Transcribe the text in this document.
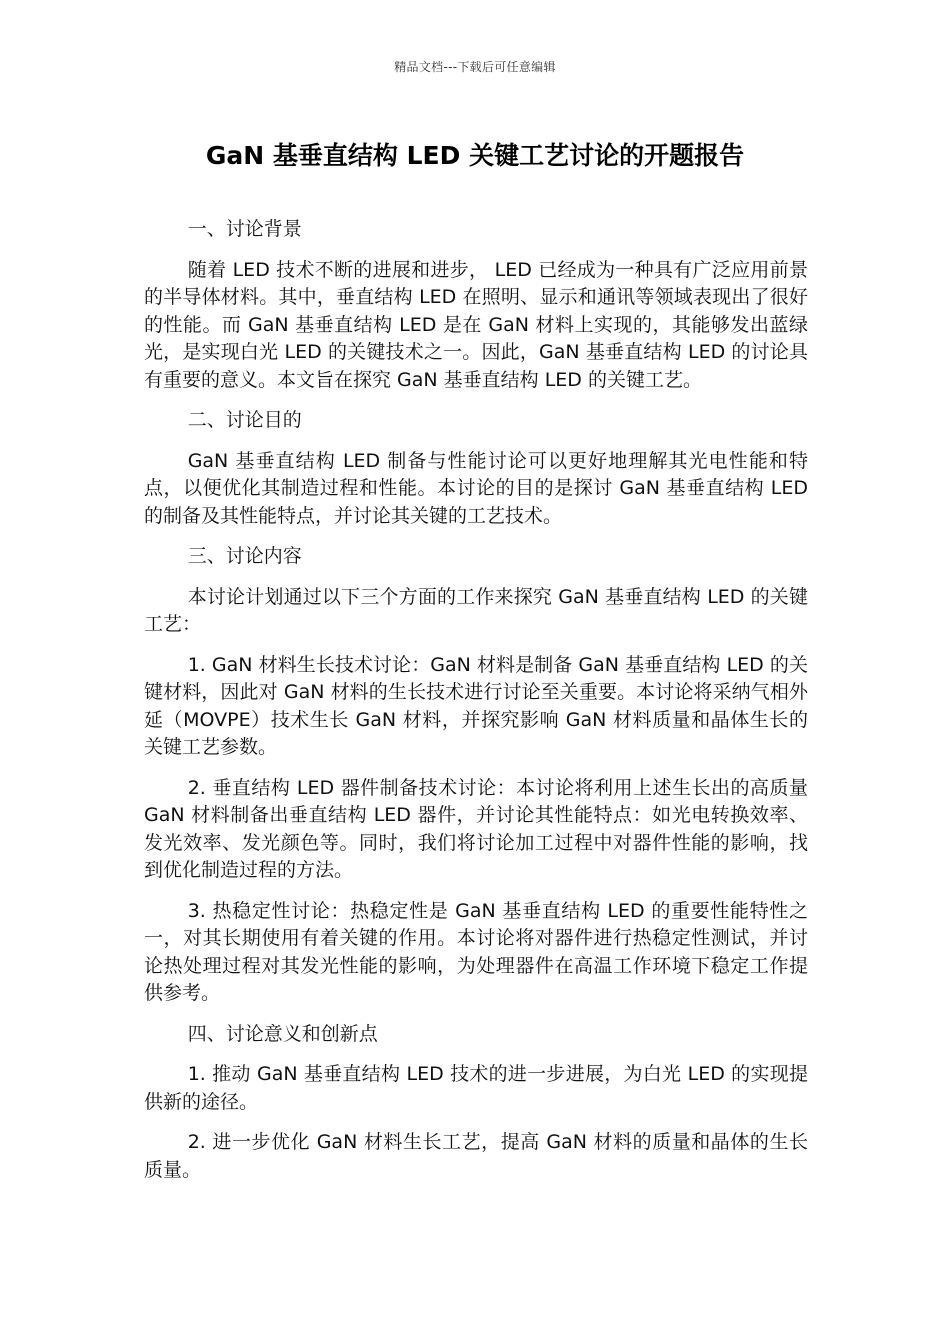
精品文档---下载后可任意编辑
GaN 基垂直结构 LED 关键工艺讨论的开题报告

一、讨论背景

随着 LED 技术不断的进展和进步， LED 已经成为一种具有广泛应用前景的半导体材料。其中，垂直结构 LED 在照明、显示和通讯等领域表现出了很好的性能。而 GaN 基垂直结构 LED 是在 GaN 材料上实现的，其能够发出蓝绿光，是实现白光 LED 的关键技术之一。因此，GaN 基垂直结构 LED 的讨论具有重要的意义。本文旨在探究 GaN 基垂直结构 LED 的关键工艺。

二、讨论目的

GaN 基垂直结构 LED 制备与性能讨论可以更好地理解其光电性能和特点，以便优化其制造过程和性能。本讨论的目的是探讨 GaN 基垂直结构 LED 的制备及其性能特点，并讨论其关键的工艺技术。

三、讨论内容

本讨论计划通过以下三个方面的工作来探究 GaN 基垂直结构 LED 的关键工艺：

1. GaN 材料生长技术讨论：GaN 材料是制备 GaN 基垂直结构 LED 的关键材料，因此对 GaN 材料的生长技术进行讨论至关重要。本讨论将采纳气相外延（MOVPE）技术生长 GaN 材料，并探究影响 GaN 材料质量和晶体生长的关键工艺参数。

2. 垂直结构 LED 器件制备技术讨论：本讨论将利用上述生长出的高质量 GaN 材料制备出垂直结构 LED 器件，并讨论其性能特点：如光电转换效率、发光效率、发光颜色等。同时，我们将讨论加工过程中对器件性能的影响，找到优化制造过程的方法。

3. 热稳定性讨论：热稳定性是 GaN 基垂直结构 LED 的重要性能特性之一，对其长期使用有着关键的作用。本讨论将对器件进行热稳定性测试，并讨论热处理过程对其发光性能的影响，为处理器件在高温工作环境下稳定工作提供参考。

四、讨论意义和创新点

1. 推动 GaN 基垂直结构 LED 技术的进一步进展，为白光 LED 的实现提供新的途径。

2. 进一步优化 GaN 材料生长工艺，提高 GaN 材料的质量和晶体的生长质量。
